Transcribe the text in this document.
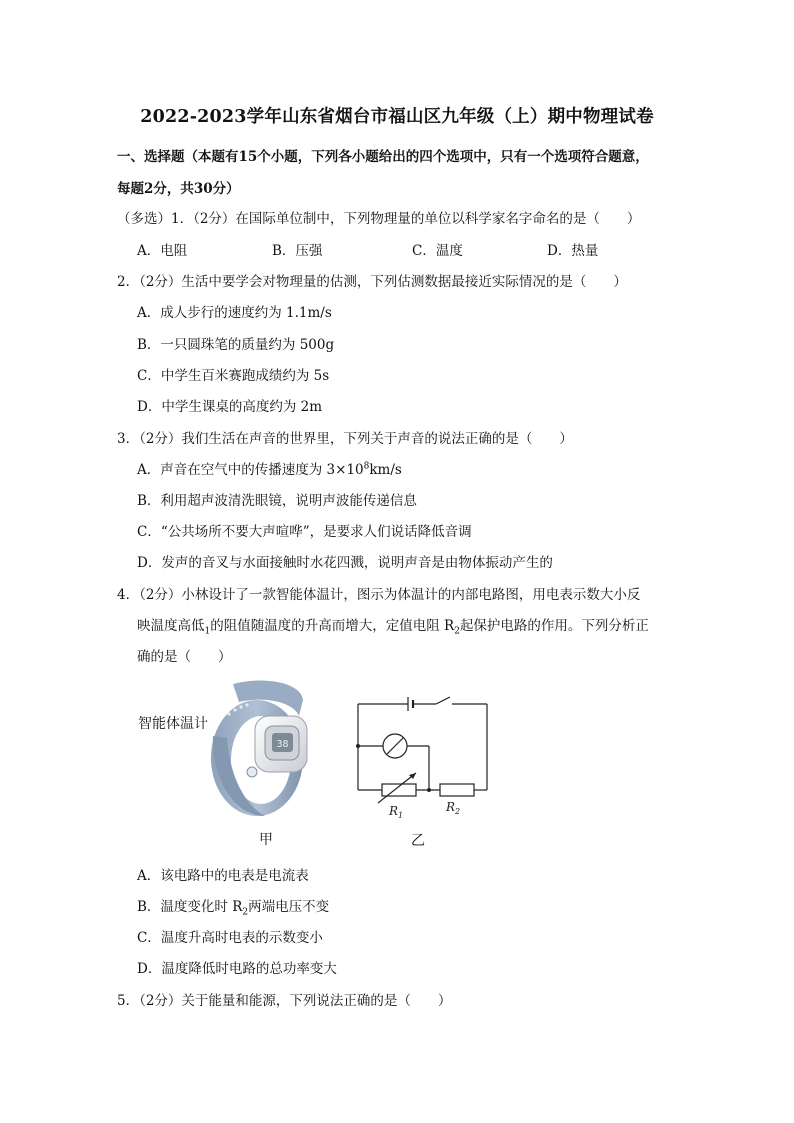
2022-2023学年山东省烟台市福山区九年级（上）期中物理试卷
一、选择题（本题有15个小题，下列各小题给出的四个选项中，只有一个选项符合题意，
每题2分，共30分）
（多选）1．（2分）在国际单位制中，下列物理量的单位以科学家名字命名的是（　　）
A．电阻	B．压强	C．温度	D．热量
2．（2分）生活中要学会对物理量的估测，下列估测数据最接近实际情况的是（　　）
A．成人步行的速度约为 1.1m/s
B．一只圆珠笔的质量约为 500g
C．中学生百米赛跑成绩约为 5s
D．中学生课桌的高度约为 2m
3．（2分）我们生活在声音的世界里，下列关于声音的说法正确的是（　　）
A．声音在空气中的传播速度为 $3\times 10^8km/s$
B．利用超声波清洗眼镜，说明声波能传递信息
C．“公共场所不要大声喧哗”，是要求人们说话降低音调
D．发声的音叉与水面接触时水花四溅，说明声音是由物体振动产生的
4．（2分）小林设计了一款智能体温计，图示为体温计的内部电路图，用电表示数大小反
映温度高低$_1$的阻值随温度的升高而增大，定值电阻 $R_2$起保护电路的作用。下列分析正
确的是（　　）
智能体温计
38
$R_1$
$R_2$
甲	乙
A．该电路中的电表是电流表
B．温度变化时 $R_2$两端电压不变
C．温度升高时电表的示数变小
D．温度降低时电路的总功率变大
5．（2分）关于能量和能源，下列说法正确的是（　　）
